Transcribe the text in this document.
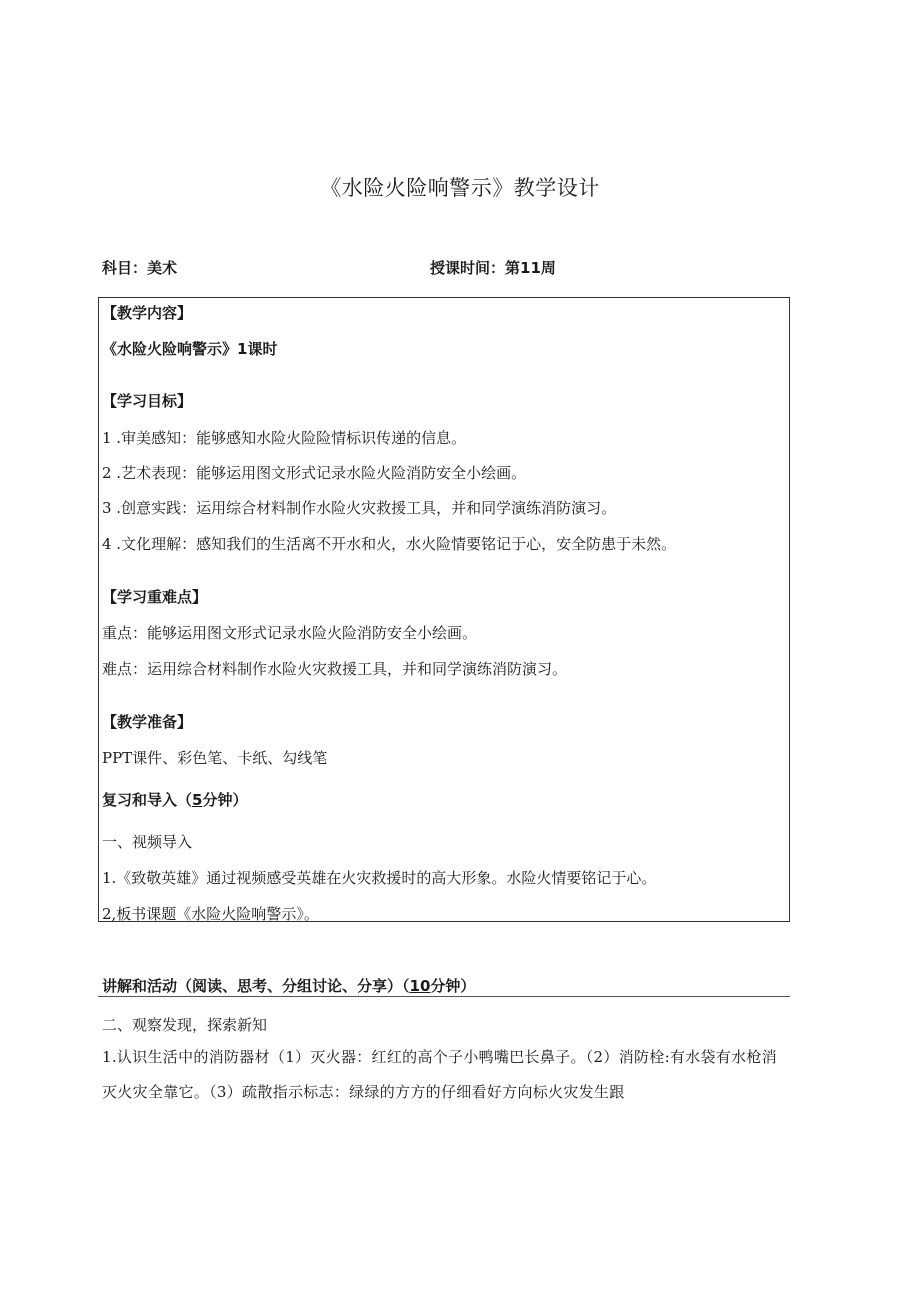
《水险火险响警示》教学设计
科目：美术	授课时间：第11周
【教学内容】
《水险火险响警示》1课时
【学习目标】
1 .审美感知：能够感知水险火险险情标识传递的信息。
2 .艺术表现：能够运用图文形式记录水险火险消防安全小绘画。
3 .创意实践：运用综合材料制作水险火灾救援工具，并和同学演练消防演习。
4 .文化理解：感知我们的生活离不开水和火，水火险情要铭记于心，安全防患于未然。
【学习重难点】
重点：能够运用图文形式记录水险火险消防安全小绘画。
难点：运用综合材料制作水险火灾救援工具，并和同学演练消防演习。
【教学准备】
PPT课件、彩色笔、卡纸、勾线笔
复习和导入（5分钟）
一、视频导入
1.《致敬英雄》通过视频感受英雄在火灾救援时的高大形象。水险火情要铭记于心。
2,板书课题《水险火险响警示》。
讲解和活动（阅读、思考、分组讨论、分享）（10分钟）
二、观察发现，探索新知
1.认识生活中的消防器材（1）灭火器：红红的高个子小鸭嘴巴长鼻子。（2）消防栓:有水袋有水枪消灭火灾全靠它。（3）疏散指示标志：绿绿的方方的仔细看好方向标火灾发生跟
